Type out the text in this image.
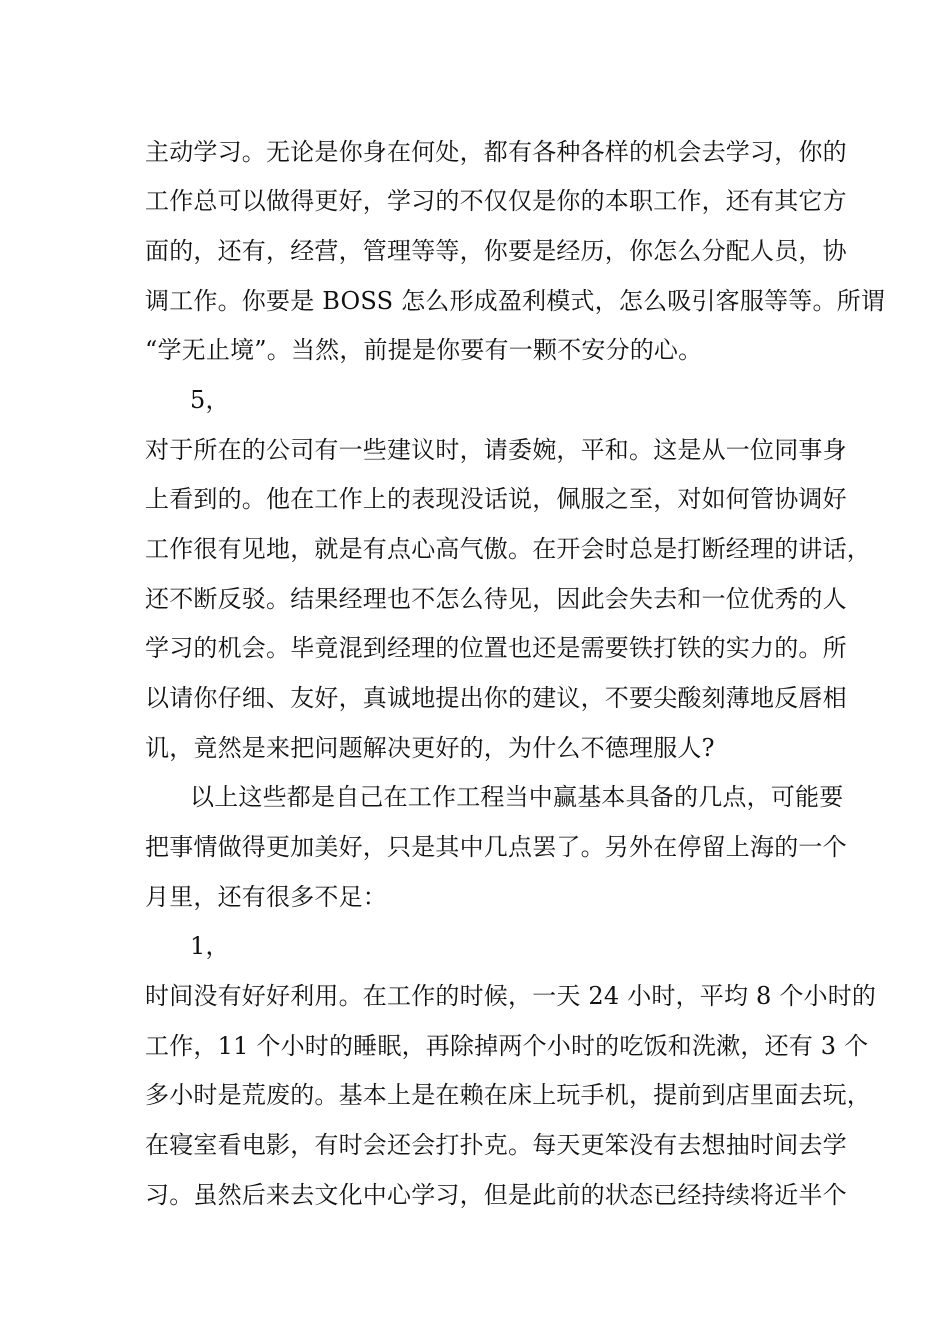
主动学习。无论是你身在何处，都有各种各样的机会去学习，你的
工作总可以做得更好，学习的不仅仅是你的本职工作，还有其它方
面的，还有，经营，管理等等，你要是经历，你怎么分配人员，协
调工作。你要是 BOSS 怎么形成盈利模式，怎么吸引客服等等。所谓
“学无止境”。当然，前提是你要有一颗不安分的心。
5，
对于所在的公司有一些建议时，请委婉，平和。这是从一位同事身
上看到的。他在工作上的表现没话说，佩服之至，对如何管协调好
工作很有见地，就是有点心高气傲。在开会时总是打断经理的讲话，
还不断反驳。结果经理也不怎么待见，因此会失去和一位优秀的人
学习的机会。毕竟混到经理的位置也还是需要铁打铁的实力的。所
以请你仔细、友好，真诚地提出你的建议，不要尖酸刻薄地反唇相
讥，竟然是来把问题解决更好的，为什么不德理服人?
以上这些都是自己在工作工程当中赢基本具备的几点，可能要
把事情做得更加美好，只是其中几点罢了。另外在停留上海的一个
月里，还有很多不足：
1，
时间没有好好利用。在工作的时候，一天 24 小时，平均 8 个小时的
工作，11 个小时的睡眠，再除掉两个小时的吃饭和洗漱，还有 3 个
多小时是荒废的。基本上是在赖在床上玩手机，提前到店里面去玩，
在寝室看电影，有时会还会打扑克。每天更笨没有去想抽时间去学
习。虽然后来去文化中心学习，但是此前的状态已经持续将近半个
